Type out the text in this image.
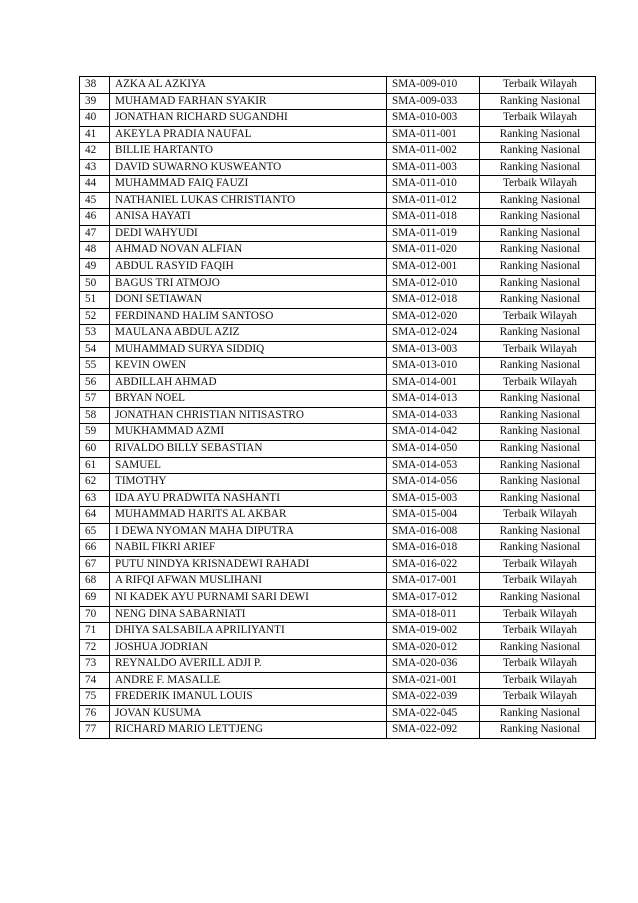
38	AZKA AL AZKIYA	SMA-009-010	Terbaik Wilayah
39	MUHAMAD FARHAN SYAKIR	SMA-009-033	Ranking Nasional
40	JONATHAN RICHARD SUGANDHI	SMA-010-003	Terbaik Wilayah
41	AKEYLA PRADIA NAUFAL	SMA-011-001	Ranking Nasional
42	BILLIE HARTANTO	SMA-011-002	Ranking Nasional
43	DAVID SUWARNO KUSWEANTO	SMA-011-003	Ranking Nasional
44	MUHAMMAD FAIQ FAUZI	SMA-011-010	Terbaik Wilayah
45	NATHANIEL LUKAS CHRISTIANTO	SMA-011-012	Ranking Nasional
46	ANISA HAYATI	SMA-011-018	Ranking Nasional
47	DEDI WAHYUDI	SMA-011-019	Ranking Nasional
48	AHMAD NOVAN ALFIAN	SMA-011-020	Ranking Nasional
49	ABDUL RASYID FAQIH	SMA-012-001	Ranking Nasional
50	BAGUS TRI ATMOJO	SMA-012-010	Ranking Nasional
51	DONI SETIAWAN	SMA-012-018	Ranking Nasional
52	FERDINAND HALIM SANTOSO	SMA-012-020	Terbaik Wilayah
53	MAULANA ABDUL AZIZ	SMA-012-024	Ranking Nasional
54	MUHAMMAD SURYA SIDDIQ	SMA-013-003	Terbaik Wilayah
55	KEVIN OWEN	SMA-013-010	Ranking Nasional
56	ABDILLAH AHMAD	SMA-014-001	Terbaik Wilayah
57	BRYAN NOEL	SMA-014-013	Ranking Nasional
58	JONATHAN CHRISTIAN NITISASTRO	SMA-014-033	Ranking Nasional
59	MUKHAMMAD AZMI	SMA-014-042	Ranking Nasional
60	RIVALDO BILLY SEBASTIAN	SMA-014-050	Ranking Nasional
61	SAMUEL	SMA-014-053	Ranking Nasional
62	TIMOTHY	SMA-014-056	Ranking Nasional
63	IDA AYU PRADWITA NASHANTI	SMA-015-003	Ranking Nasional
64	MUHAMMAD HARITS AL AKBAR	SMA-015-004	Terbaik Wilayah
65	I DEWA NYOMAN MAHA DIPUTRA	SMA-016-008	Ranking Nasional
66	NABIL FIKRI ARIEF	SMA-016-018	Ranking Nasional
67	PUTU NINDYA KRISNADEWI RAHADI	SMA-016-022	Terbaik Wilayah
68	A RIFQI AFWAN MUSLIHANI	SMA-017-001	Terbaik Wilayah
69	NI KADEK AYU PURNAMI SARI DEWI	SMA-017-012	Ranking Nasional
70	NENG DINA SABARNIATI	SMA-018-011	Terbaik Wilayah
71	DHIYA SALSABILA APRILIYANTI	SMA-019-002	Terbaik Wilayah
72	JOSHUA JODRIAN	SMA-020-012	Ranking Nasional
73	REYNALDO AVERILL ADJI P.	SMA-020-036	Terbaik Wilayah
74	ANDRE F. MASALLE	SMA-021-001	Terbaik Wilayah
75	FREDERIK IMANUL LOUIS	SMA-022-039	Terbaik Wilayah
76	JOVAN KUSUMA	SMA-022-045	Ranking Nasional
77	RICHARD MARIO LETTJENG	SMA-022-092	Ranking Nasional
